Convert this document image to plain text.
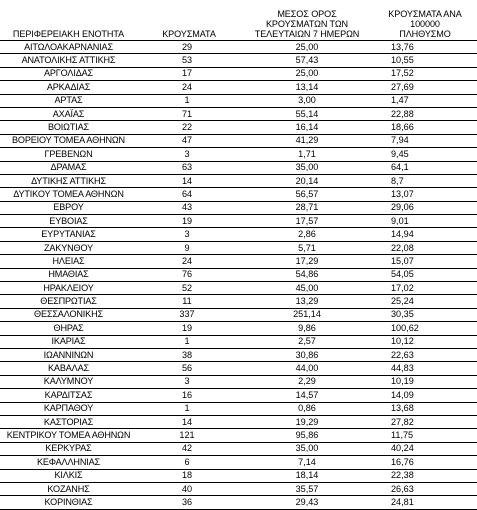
ΠΕΡΙΦΕΡΕΙΑΚΗ ΕΝΟΤΗΤΑ	ΚΡΟΥΣΜΑΤΑ	ΜΕΣΟΣ ΟΡΟΣ
ΚΡΟΥΣΜΑΤΩΝ ΤΩΝ
ΤΕΛΕΥΤΑΙΩΝ 7 ΗΜΕΡΩΝ	ΚΡΟΥΣΜΑΤΑ ΑΝΑ 100000
ΠΛΗΘΥΣΜΟ

ΑΙΤΩΛΟΑΚΑΡΝΑΝΙΑΣ	29	25,00	13,76
ΑΝΑΤΟΛΙΚΗΣ ΑΤΤΙΚΗΣ	53	57,43	10,55
ΑΡΓΟΛΙΔΑΣ	17	25,00	17,52
ΑΡΚΑΔΙΑΣ	24	13,14	27,69
ΑΡΤΑΣ	1	3,00	1,47
ΑΧΑΪΑΣ	71	55,14	22,88
ΒΟΙΩΤΙΑΣ	22	16,14	18,66
ΒΟΡΕΙΟΥ ΤΟΜΕΑ ΑΘΗΝΩΝ	47	41,29	7,94
ΓΡΕΒΕΝΩΝ	3	1,71	9,45
ΔΡΑΜΑΣ	63	35,00	64,1
ΔΥΤΙΚΗΣ ΑΤΤΙΚΗΣ	14	20,14	8,7
ΔΥΤΙΚΟΥ ΤΟΜΕΑ ΑΘΗΝΩΝ	64	56,57	13,07
ΕΒΡΟΥ	43	28,71	29,06
ΕΥΒΟΙΑΣ	19	17,57	9,01
ΕΥΡΥΤΑΝΙΑΣ	3	2,86	14,94
ΖΑΚΥΝΘΟΥ	9	5,71	22,08
ΗΛΕΙΑΣ	24	17,29	15,07
ΗΜΑΘΙΑΣ	76	54,86	54,05
ΗΡΑΚΛΕΙΟΥ	52	45,00	17,02
ΘΕΣΠΡΩΤΙΑΣ	11	13,29	25,24
ΘΕΣΣΑΛΟΝΙΚΗΣ	337	251,14	30,35
ΘΗΡΑΣ	19	9,86	100,62
ΙΚΑΡΙΑΣ	1	2,57	10,12
ΙΩΑΝΝΙΝΩΝ	38	30,86	22,63
ΚΑΒΑΛΑΣ	56	44,00	44,83
ΚΑΛΥΜΝΟΥ	3	2,29	10,19
ΚΑΡΔΙΤΣΑΣ	16	14,57	14,09
ΚΑΡΠΑΘΟΥ	1	0,86	13,68
ΚΑΣΤΟΡΙΑΣ	14	19,29	27,82
ΚΕΝΤΡΙΚΟΥ ΤΟΜΕΑ ΑΘΗΝΩΝ	121	95,86	11,75
ΚΕΡΚΥΡΑΣ	42	35,00	40,24
ΚΕΦΑΛΛΗΝΙΑΣ	6	7,14	16,76
ΚΙΛΚΙΣ	18	18,14	22,38
ΚΟΖΑΝΗΣ	40	35,57	26,63
ΚΟΡΙΝΘΙΑΣ	36	29,43	24,81
